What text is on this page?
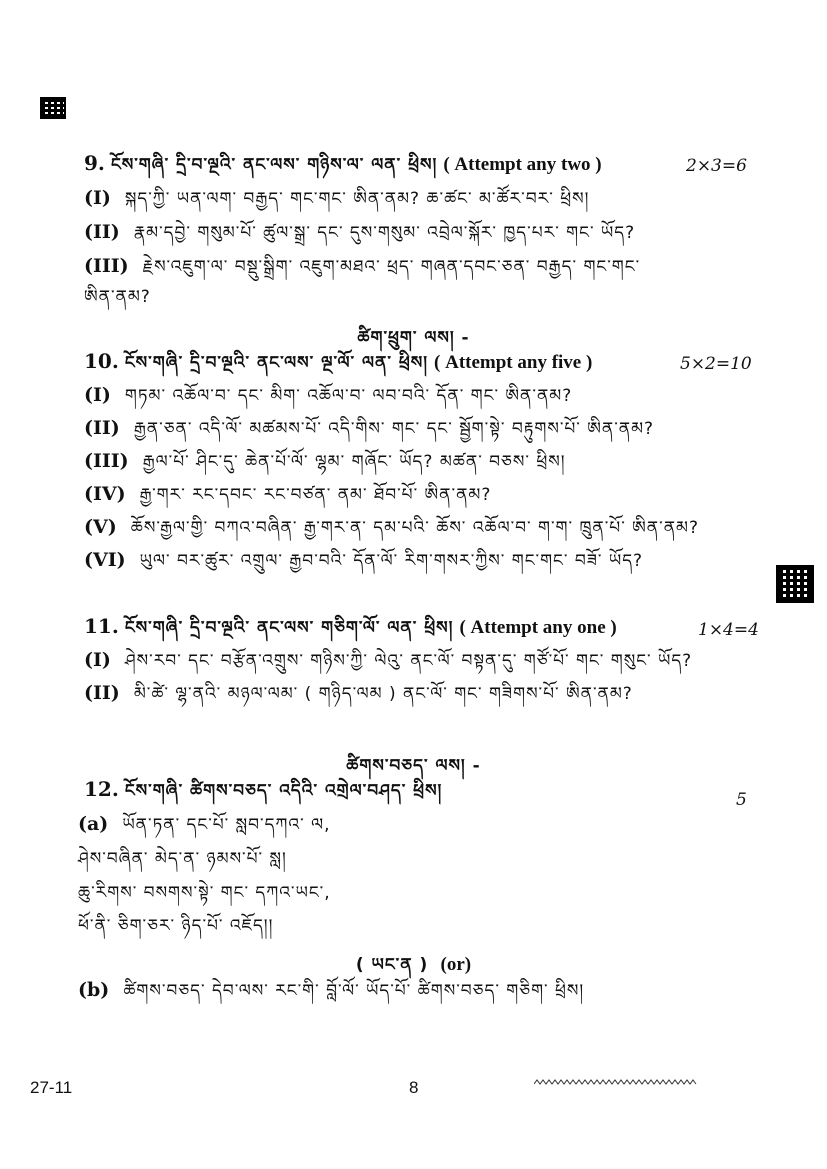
9. ངོས་གཞི་ དྲི་བ་ལྔའི་ ནང་ལས་ གཉིས་ལ་ ལན་ ཕྲིས། ( Attempt any two )	2×3=6
(I) སྐད་ཀྱི་ ཡན་ལག་ བརྒྱད་ གང་གང་ ཨིན་ནམ? ཆ་ཚང་ མ་ཚོར་བར་ ཕྲིས།
(II) རྣམ་དབྱེ་ གསུམ་པོ་ ཚུལ་སྒྲ་ དང་ དུས་གསུམ་ འབྲེལ་སྐོར་ ཁྱད་པར་ གང་ ཡོད?
(III) རྗེས་འཇུག་ལ་ བསྡུ་སྒྲིག་ འཇུག་མཐའ་ ཕྲད་ གཞན་དབང་ཅན་ བརྒྱད་ གང་གང་
ཨིན་ནམ?
ཚིག་ཕྲུག་ ལས། -
10. ངོས་གཞི་ དྲི་བ་ལྔའི་ ནང་ལས་ ལྔ་ལོ་ ལན་ ཕྲིས། ( Attempt any five )	5×2=10
(I) གཏམ་ འཆོལ་བ་ དང་ མིག་ འཆོལ་བ་ ལབ་བའི་ དོན་ གང་ ཨིན་ནམ?
(II) རྒྱན་ཅན་ འདི་ལོ་ མཚམས་པོ་ འདི་གིས་ གང་ དང་ སྦྱོག་སྟེ་ བརྟུགས་པོ་ ཨིན་ནམ?
(III) རྒྱལ་པོ་ ཤིང་དུ་ ཆེན་པོ་ལོ་ ལྷམ་ གཞོང་ ཡོད? མཚན་ བཅས་ ཕྲིས།
(IV) རྒྱ་གར་ རང་དབང་ རང་བཙན་ ནམ་ ཐོབ་པོ་ ཨིན་ནམ?
(V) ཆོས་རྒྱལ་གྱི་ བཀའ་བཞིན་ རྒྱ་གར་ན་ དམ་པའི་ ཆོས་ འཆོལ་བ་ ག་ག་ ཁྲུན་པོ་ ཨིན་ནམ?
(VI) ཡུལ་ བར་ཚུར་ འགྲུལ་ རྒྱབ་བའི་ དོན་ལོ་ རིག་གསར་ཀྱིས་ གང་གང་ བཟོ་ ཡོད?
11. ངོས་གཞི་ དྲི་བ་ལྔའི་ ནང་ལས་ གཅིག་ལོ་ ལན་ ཕྲིས། ( Attempt any one )	1×4=4
(I) ཤེས་རབ་ དང་ བརྩོན་འགྲུས་ གཉིས་ཀྱི་ ལེའུ་ ནང་ལོ་ བསྟན་དུ་ གཙོ་པོ་ གང་ གསུང་ ཡོད?
(II) མི་ཚེ་ ལྷ་ནའི་ མཉལ་ལམ་ ( གཉིད་ལམ ) ནང་ལོ་ གང་ གཟིགས་པོ་ ཨིན་ནམ?
ཚིགས་བཅད་ ལས། -
12. ངོས་གཞི་ ཚིགས་བཅད་ འདིའི་ འགྲེལ་བཤད་ ཕྲིས།	5
(a) ཡོན་ཏན་ དང་པོ་ སླབ་དཀའ་ ལ,
ཤེས་བཞིན་ མེད་ན་ ཉམས་པོ་ སླ།
ཆུ་རིགས་ བསགས་སྟེ་ གང་ དཀའ་ཡང་,
ཕོ་ནི་ ཅིག་ཅར་ ཉིད་པོ་ འཇོད།།
( ཡང་ན ) (or)
(b) ཚིགས་བཅད་ དེབ་ལས་ རང་གི་ བློ་ལོ་ ཡོད་པོ་ ཚིགས་བཅད་ གཅིག་ ཕྲིས།
27-11	8
